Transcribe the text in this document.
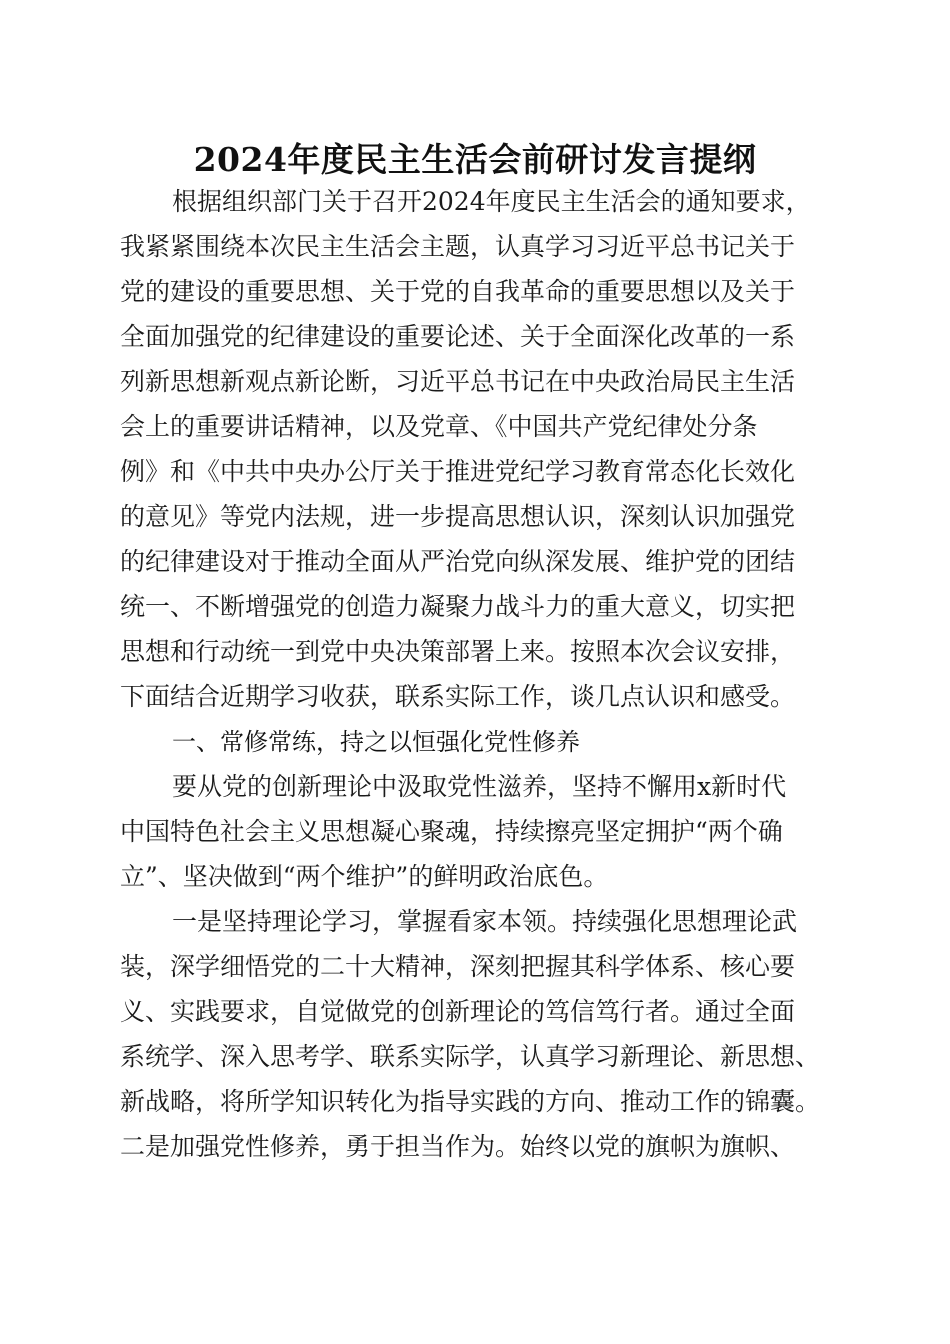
2024年度民主生活会前研讨发言提纲
根据组织部门关于召开2024年度民主生活会的通知要求，
我紧紧围绕本次民主生活会主题，认真学习习近平总书记关于
党的建设的重要思想、关于党的自我革命的重要思想以及关于
全面加强党的纪律建设的重要论述、关于全面深化改革的一系
列新思想新观点新论断，习近平总书记在中央政治局民主生活
会上的重要讲话精神，以及党章、《中国共产党纪律处分条
例》和《中共中央办公厅关于推进党纪学习教育常态化长效化
的意见》等党内法规，进一步提高思想认识，深刻认识加强党
的纪律建设对于推动全面从严治党向纵深发展、维护党的团结
统一、不断增强党的创造力凝聚力战斗力的重大意义，切实把
思想和行动统一到党中央决策部署上来。按照本次会议安排，
下面结合近期学习收获，联系实际工作，谈几点认识和感受。
一、常修常练，持之以恒强化党性修养
要从党的创新理论中汲取党性滋养，坚持不懈用x新时代
中国特色社会主义思想凝心聚魂，持续擦亮坚定拥护“两个确
立”、坚决做到“两个维护”的鲜明政治底色。
一是坚持理论学习，掌握看家本领。持续强化思想理论武
装，深学细悟党的二十大精神，深刻把握其科学体系、核心要
义、实践要求，自觉做党的创新理论的笃信笃行者。通过全面
系统学、深入思考学、联系实际学，认真学习新理论、新思想、
新战略，将所学知识转化为指导实践的方向、推动工作的锦囊。
二是加强党性修养，勇于担当作为。始终以党的旗帜为旗帜、
